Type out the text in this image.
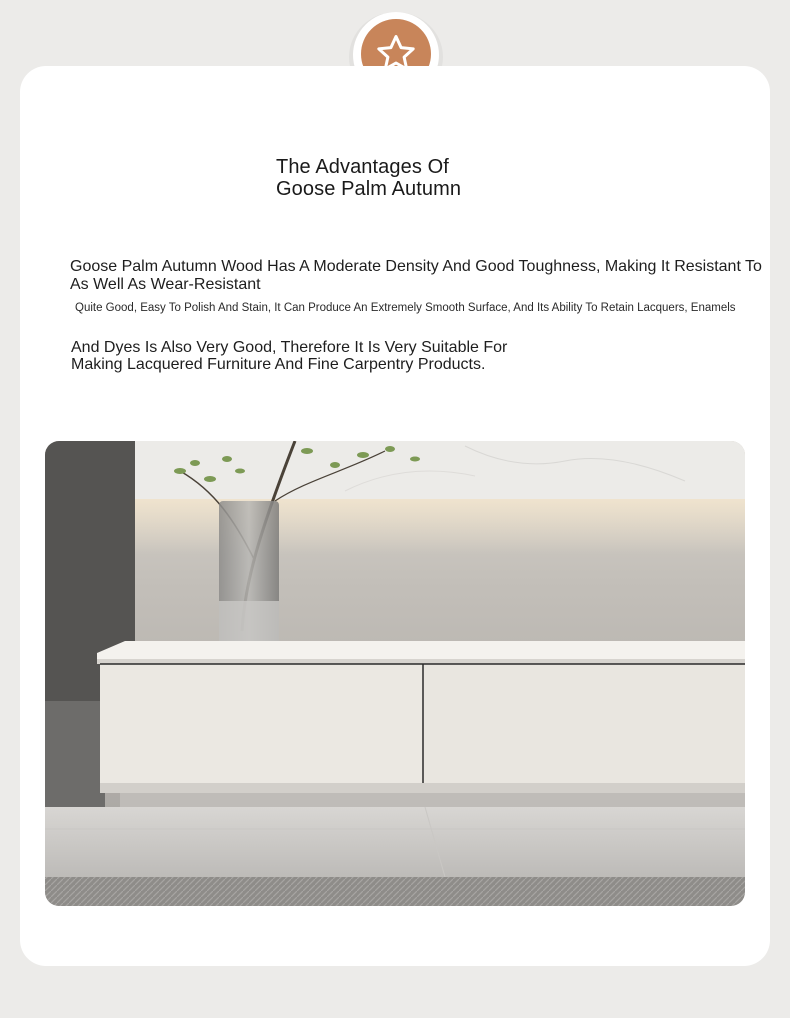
The Advantages Of
Goose Palm Autumn

Goose Palm Autumn Wood Has A Moderate Density And Good Toughness, Making It Resistant To
As Well As Wear-Resistant

Quite Good, Easy To Polish And Stain, It Can Produce An Extremely Smooth Surface, And Its Ability To Retain Lacquers, Enamels

And Dyes Is Also Very Good, Therefore It Is Very Suitable For
Making Lacquered Furniture And Fine Carpentry Products.
